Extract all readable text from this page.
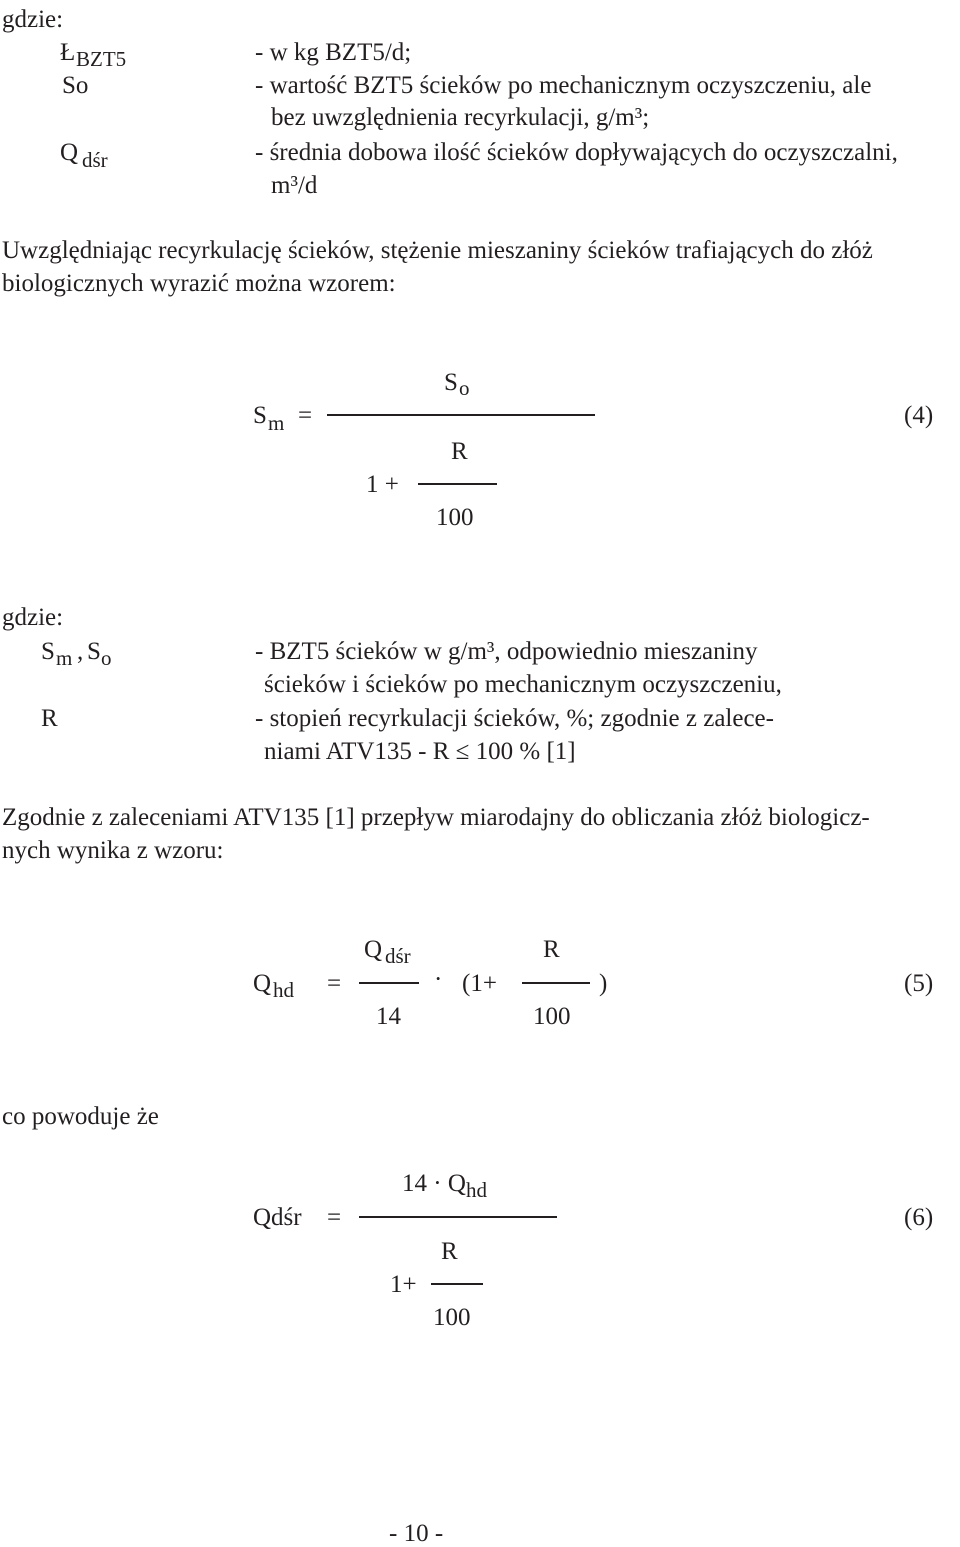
gdzie:
Ł BZT5	- w kg BZT5/d;
So	- wartość BZT5 ścieków po mechanicznym oczyszczeniu, ale
bez uwzględnienia recyrkulacji, g/m³;
Q dśr	- średnia dobowa ilość ścieków dopływających do oczyszczalni,
m³/d
Uwzględniając recyrkulację ścieków, stężenie mieszaniny ścieków trafiających do złóż
biologicznych wyrazić można wzorem:
S m =
S o
1 +
R
100
(4)
gdzie:
S m , S o	- BZT5 ścieków w g/m³, odpowiednio mieszaniny
ścieków i ścieków po mechanicznym oczyszczeniu,
R	- stopień recyrkulacji ścieków, %; zgodnie z zalece-
niami ATV135 - R ≤ 100 % [1]
Zgodnie z zaleceniami ATV135 [1] przepływ miarodajny do obliczania złóż biologicz-
nych wynika z wzoru:
Q hd =
Q dśr
14
· (1+
R
100
)	(5)
co powoduje że
Qdśr =
14 · Q hd
1+
R
100
(6)
- 10 -
